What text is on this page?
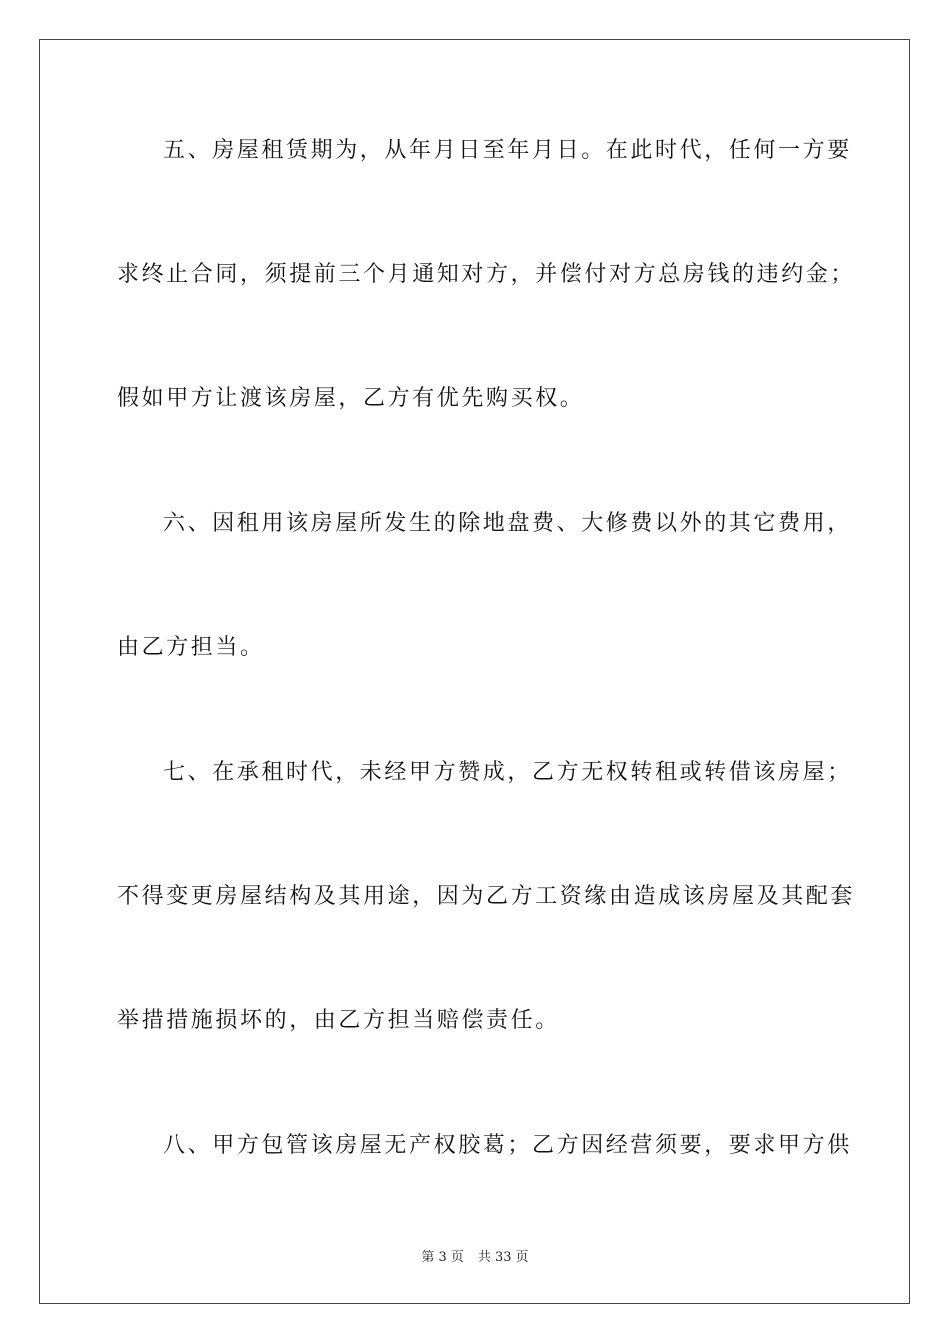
五、房屋租赁期为，从年月日至年月日。在此时代，任何一方要

求终止合同，须提前三个月通知对方，并偿付对方总房钱的违约金；

假如甲方让渡该房屋，乙方有优先购买权。

六、因租用该房屋所发生的除地盘费、大修费以外的其它费用，

由乙方担当。

七、在承租时代，未经甲方赞成，乙方无权转租或转借该房屋；

不得变更房屋结构及其用途，因为乙方工资缘由造成该房屋及其配套

举措措施损坏的，由乙方担当赔偿责任。

八、甲方包管该房屋无产权胶葛；乙方因经营须要，要求甲方供

第 3 页 共 33 页
